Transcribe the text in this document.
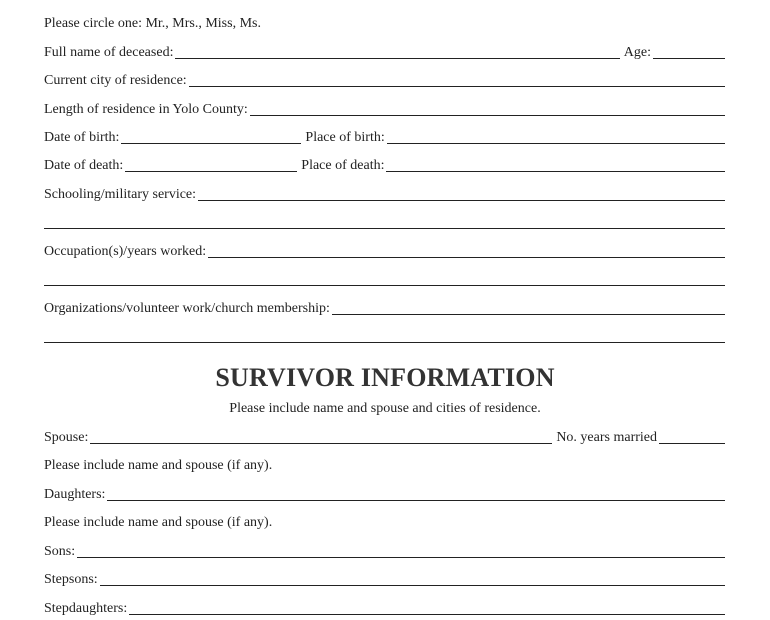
Please circle one: Mr., Mrs., Miss, Ms.
Full name of deceased:	Age:
Current city of residence:
Length of residence in Yolo County:
Date of birth:	Place of birth:
Date of death:	Place of death:
Schooling/military service:
Occupation(s)/years worked:
Organizations/volunteer work/church membership:
SURVIVOR INFORMATION
Please include name and spouse and cities of residence.
Spouse:	No. years married
Please include name and spouse (if any).
Daughters:
Please include name and spouse (if any).
Sons:
Stepsons:
Stepdaughters:
